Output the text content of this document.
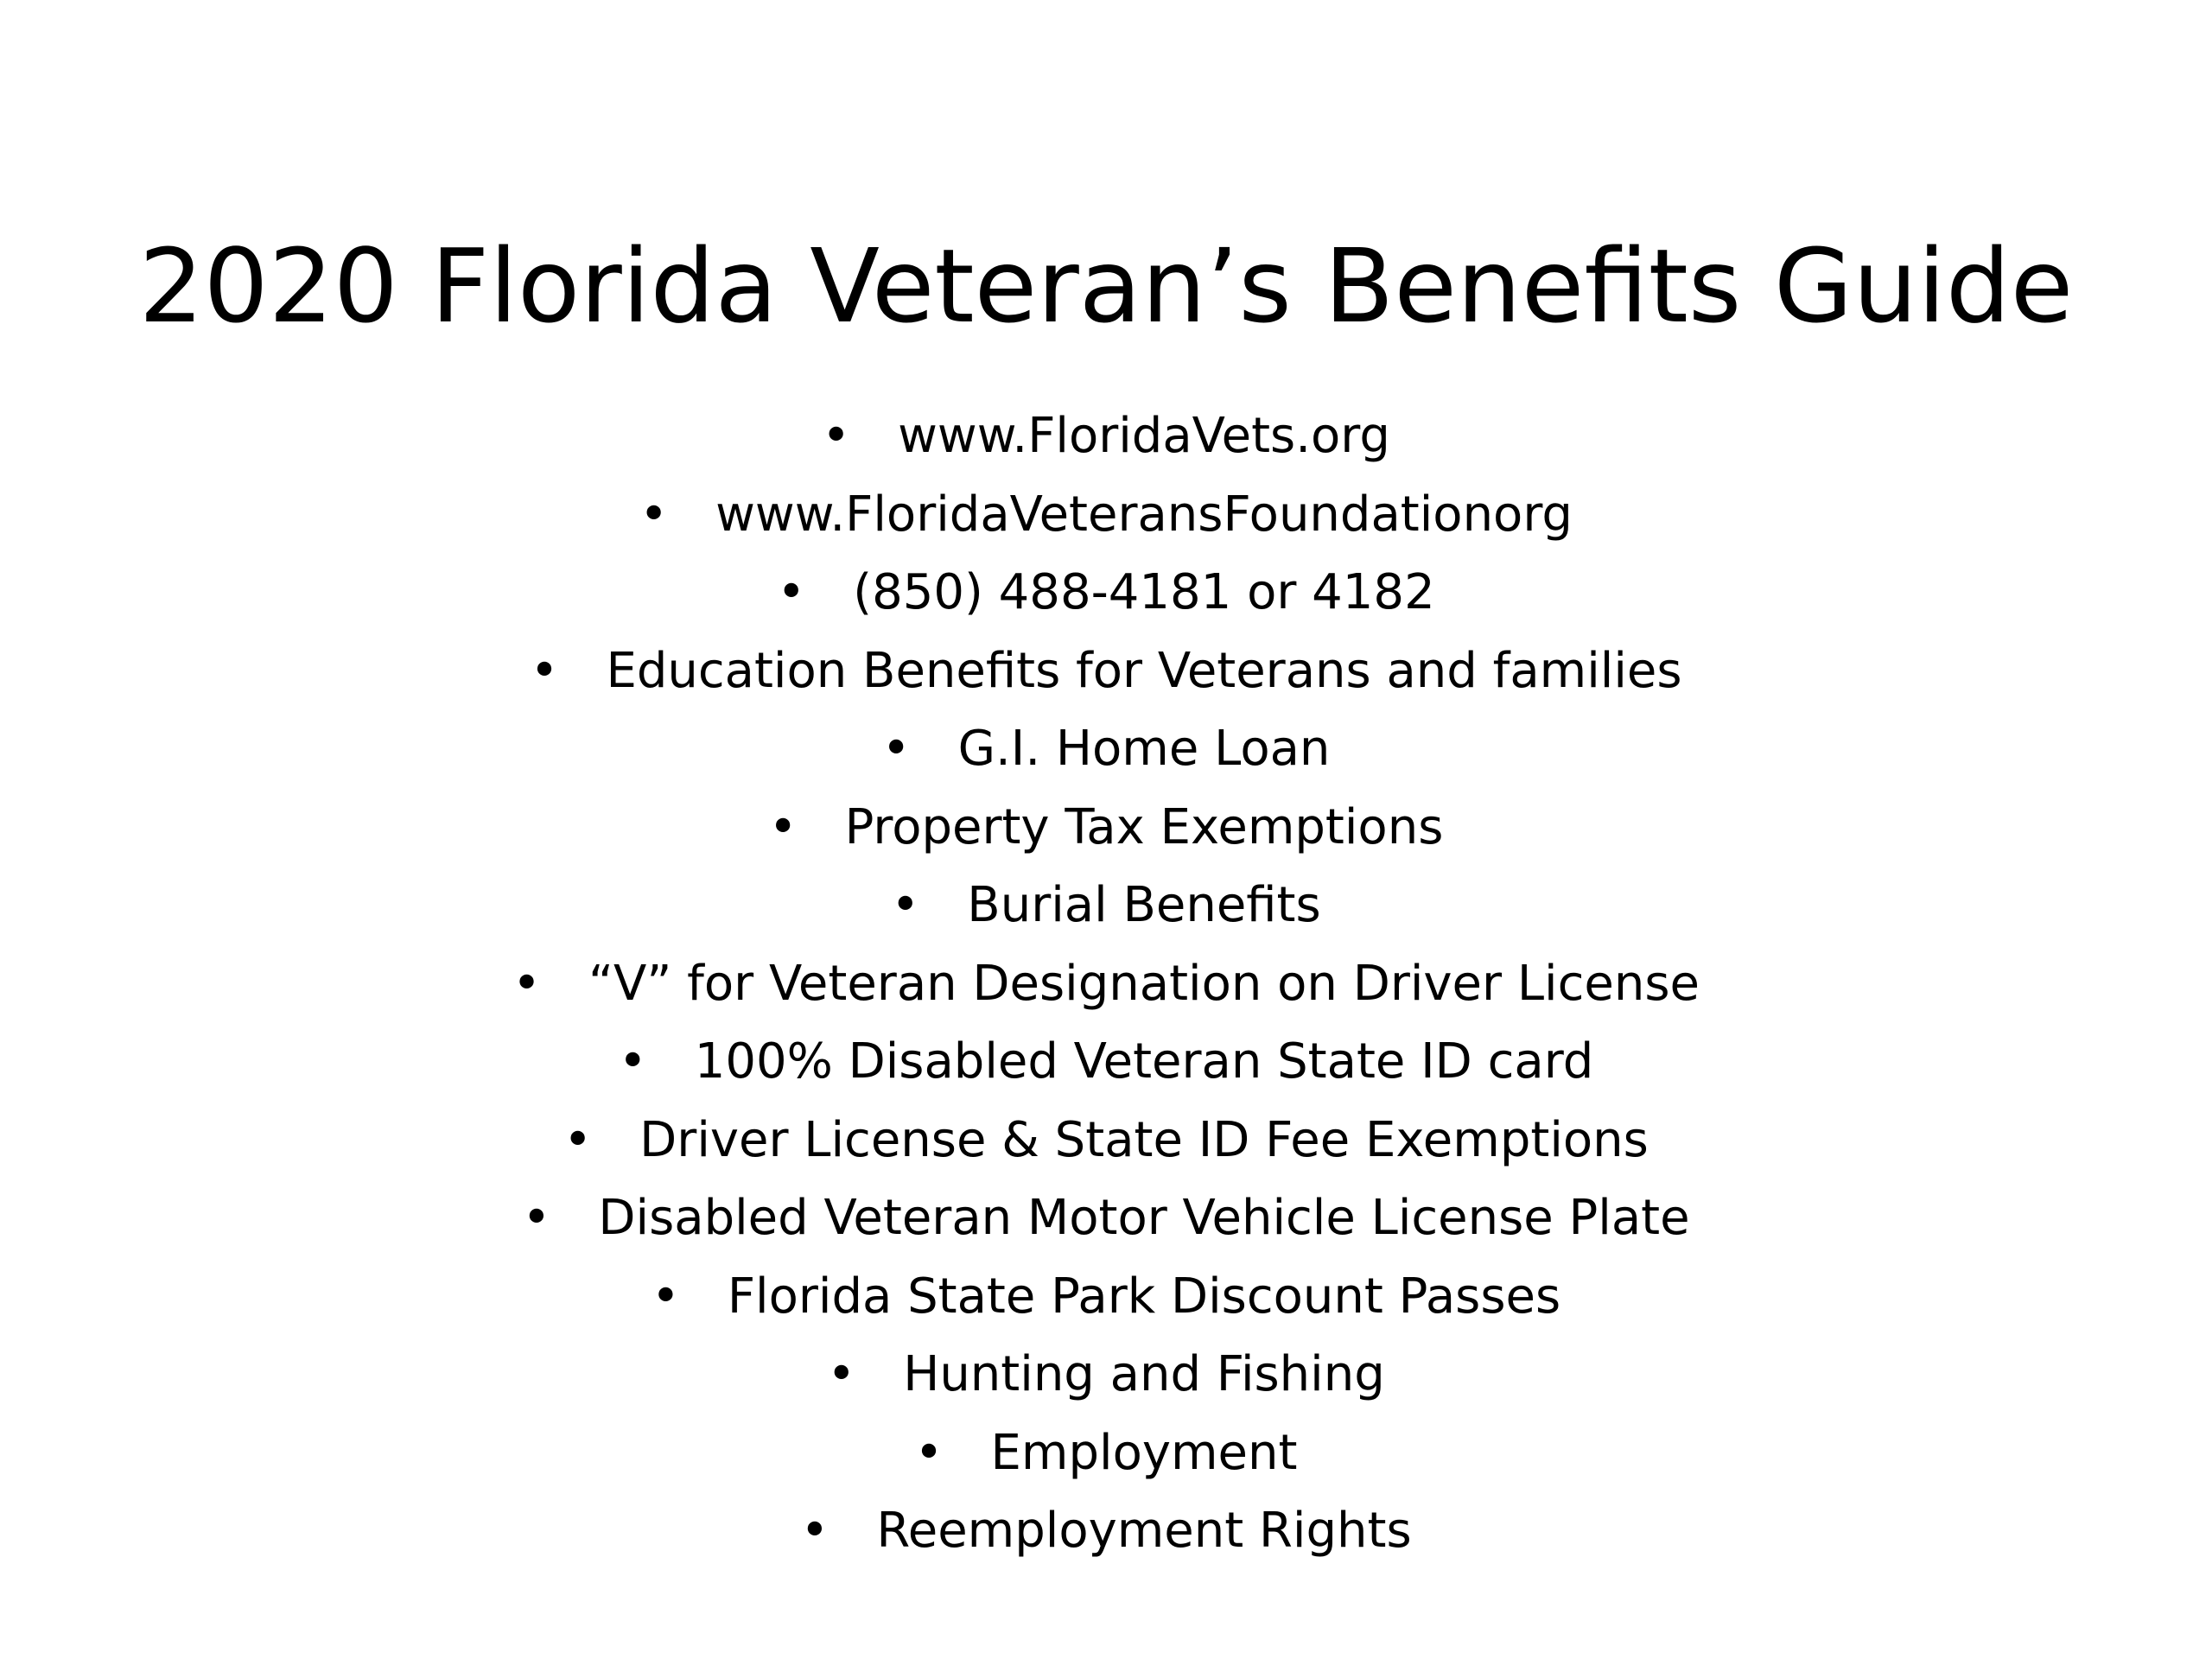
2020 Florida Veteran’s Benefits Guide
• www.FloridaVets.org
• www.FloridaVeteransFoundationorg
• (850) 488-4181 or 4182
• Education Benefits for Veterans and families
• G.I. Home Loan
• Property Tax Exemptions
• Burial Benefits
• “V” for Veteran Designation on Driver License
• 100% Disabled Veteran State ID card
• Driver License & State ID Fee Exemptions
• Disabled Veteran Motor Vehicle License Plate
• Florida State Park Discount Passes
• Hunting and Fishing
• Employment
• Reemployment Rights
